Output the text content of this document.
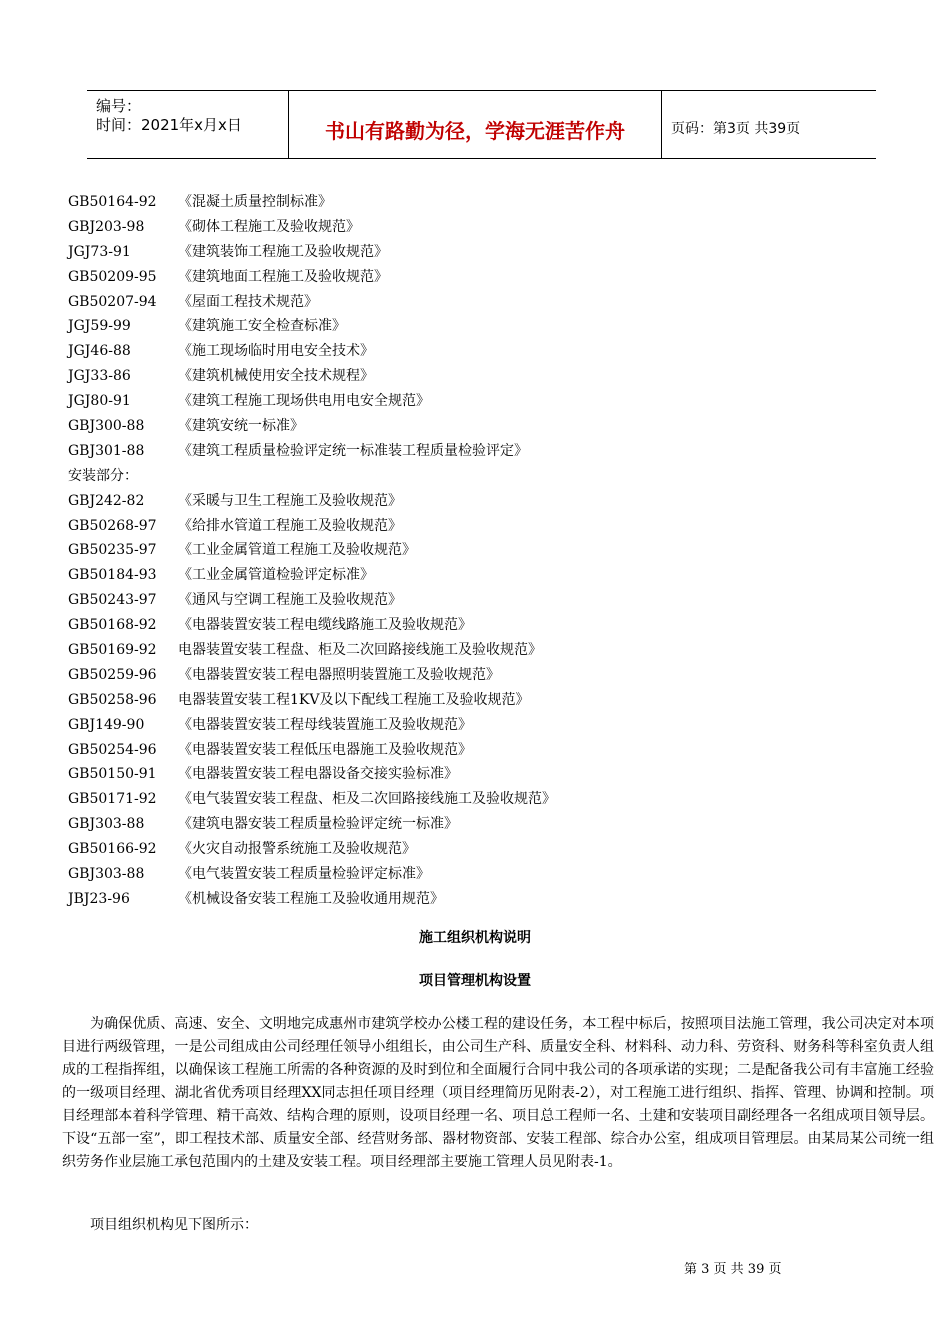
编号：
时间：2021年x月x日	书山有路勤为径，学海无涯苦作舟	页码：第3页 共39页
GB50164-92 《混凝土质量控制标准》
GBJ203-98 《砌体工程施工及验收规范》
JGJ73-91	《建筑装饰工程施工及验收规范》
GB50209-95 《建筑地面工程施工及验收规范》
GB50207-94 《屋面工程技术规范》
JGJ59-99	《建筑施工安全检查标准》
JGJ46-88	《施工现场临时用电安全技术》
JGJ33-86	《建筑机械使用安全技术规程》
JGJ80-91	《建筑工程施工现场供电用电安全规范》
GBJ300-88 《建筑安统一标准》
GBJ301-88 《建筑工程质量检验评定统一标准装工程质量检验评定》
安装部分：
GBJ242-82 《采暖与卫生工程施工及验收规范》
GB50268-97 《给排水管道工程施工及验收规范》
GB50235-97 《工业金属管道工程施工及验收规范》
GB50184-93 《工业金属管道检验评定标准》
GB50243-97 《通风与空调工程施工及验收规范》
GB50168-92 《电器装置安装工程电缆线路施工及验收规范》
GB50169-92 电器装置安装工程盘、柜及二次回路接线施工及验收规范》
GB50259-96 《电器装置安装工程电器照明装置施工及验收规范》
GB50258-96电器装置安装工程1KV及以下配线工程施工及验收规范》
GBJ149-90 《电器装置安装工程母线装置施工及验收规范》
GB50254-96 《电器装置安装工程低压电器施工及验收规范》
GB50150-91 《电器装置安装工程电器设备交接实验标准》
GB50171-92 《电气装置安装工程盘、柜及二次回路接线施工及验收规范》
GBJ303-88 《建筑电器安装工程质量检验评定统一标准》
GB50166-92 《火灾自动报警系统施工及验收规范》
GBJ303-88 《电气装置安装工程质量检验评定标准》
JBJ23-96	《机械设备安装工程施工及验收通用规范》
施工组织机构说明
项目管理机构设置
为确保优质、高速、安全、文明地完成惠州市建筑学校办公楼工程的建设任务，本工程中标后，按照项目法施工管理，我公司决定对本项目进行两级管理，一是公司组成由公司经理任领导小组组长，由公司生产科、质量安全科、材料科、动力科、劳资科、财务科等科室负责人组成的工程指挥组，以确保该工程施工所需的各种资源的及时到位和全面履行合同中我公司的各项承诺的实现；二是配备我公司有丰富施工经验的一级项目经理、湖北省优秀项目经理XX同志担任项目经理（项目经理简历见附表-2），对工程施工进行组织、指挥、管理、协调和控制。项目经理部本着科学管理、精干高效、结构合理的原则，设项目经理一名、项目总工程师一名、土建和安装项目副经理各一名组成项目领导层。下设“五部一室”，即工程技术部、质量安全部、经营财务部、器材物资部、安装工程部、综合办公室，组成项目管理层。由某局某公司统一组织劳务作业层施工承包范围内的土建及安装工程。项目经理部主要施工管理人员见附表-1。
项目组织机构见下图所示：
第 3 页 共 39 页
